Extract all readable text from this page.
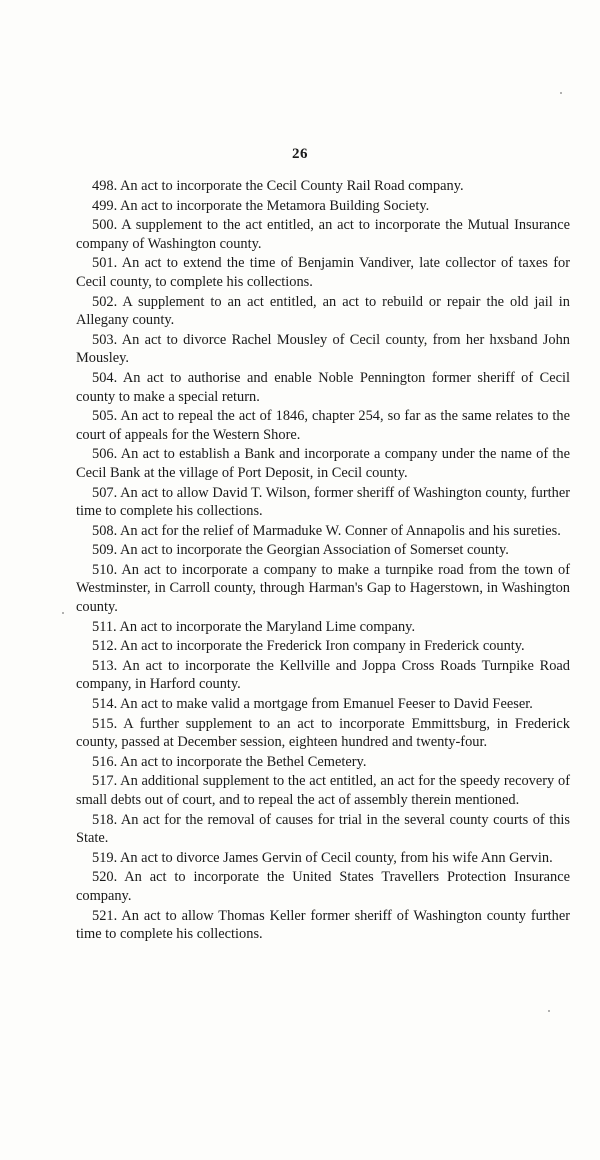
26

498. An act to incorporate the Cecil County Rail Road company.

499. An act to incorporate the Metamora Building Society.

500. A supplement to the act entitled, an act to incorporate the Mutual Insurance company of Washington county.

501. An act to extend the time of Benjamin Vandiver, late collector of taxes for Cecil county, to complete his collections.

502. A supplement to an act entitled, an act to rebuild or repair the old jail in Allegany county.

503. An act to divorce Rachel Mousley of Cecil county, from her hxsband John Mousley.

504. An act to authorise and enable Noble Pennington former sheriff of Cecil county to make a special return.

505. An act to repeal the act of 1846, chapter 254, so far as the same relates to the court of appeals for the Western Shore.

506. An act to establish a Bank and incorporate a company under the name of the Cecil Bank at the village of Port Deposit, in Cecil county.

507. An act to allow David T. Wilson, former sheriff of Washington county, further time to complete his collections.

508. An act for the relief of Marmaduke W. Conner of Annapolis and his sureties.

509. An act to incorporate the Georgian Association of Somerset county.

510. An act to incorporate a company to make a turnpike road from the town of Westminster, in Carroll county, through Harman's Gap to Hagerstown, in Washington county.

511. An act to incorporate the Maryland Lime company.

512. An act to incorporate the Frederick Iron company in Frederick county.

513. An act to incorporate the Kellville and Joppa Cross Roads Turnpike Road company, in Harford county.

514. An act to make valid a mortgage from Emanuel Feeser to David Feeser.

515. A further supplement to an act to incorporate Emmittsburg, in Frederick county, passed at December session, eighteen hundred and twenty-four.

516. An act to incorporate the Bethel Cemetery.

517. An additional supplement to the act entitled, an act for the speedy recovery of small debts out of court, and to repeal the act of assembly therein mentioned.

518. An act for the removal of causes for trial in the several county courts of this State.

519. An act to divorce James Gervin of Cecil county, from his wife Ann Gervin.

520. An act to incorporate the United States Travellers Protection Insurance company.

521. An act to allow Thomas Keller former sheriff of Washington county further time to complete his collections.
